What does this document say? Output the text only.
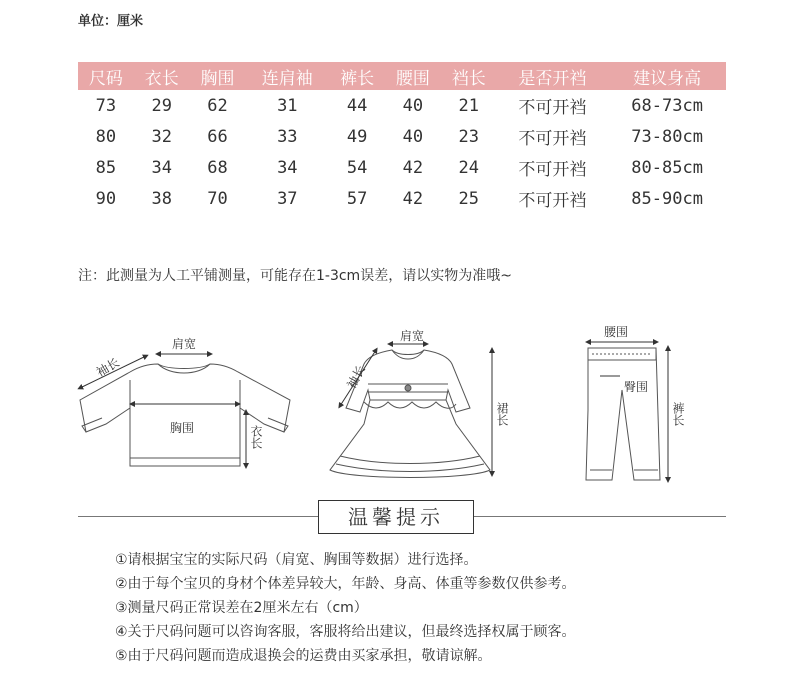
单位：厘米
尺码	衣长	胸围	连肩袖	裤长	腰围	裆长	是否开裆	建议身高
73	29	62	31	44	40	21	不可开裆	68-73cm
80	32	66	33	49	40	23	不可开裆	73-80cm
85	34	68	34	54	42	24	不可开裆	80-85cm
90	38	70	37	57	42	25	不可开裆	85-90cm
注：此测量为人工平铺测量，可能存在1-3cm误差，请以实物为准哦~
袖长
肩宽
胸围	衣长
肩宽
袖长
裙长
腰围
臀围
裤长
温馨提示
①请根据宝宝的实际尺码（肩宽、胸围等数据）进行选择。
②由于每个宝贝的身材个体差异较大，年龄、身高、体重等参数仅供参考。
③测量尺码正常误差在2厘米左右（cm）
④关于尺码问题可以咨询客服，客服将给出建议，但最终选择权属于顾客。
⑤由于尺码问题而造成退换会的运费由买家承担，敬请谅解。
